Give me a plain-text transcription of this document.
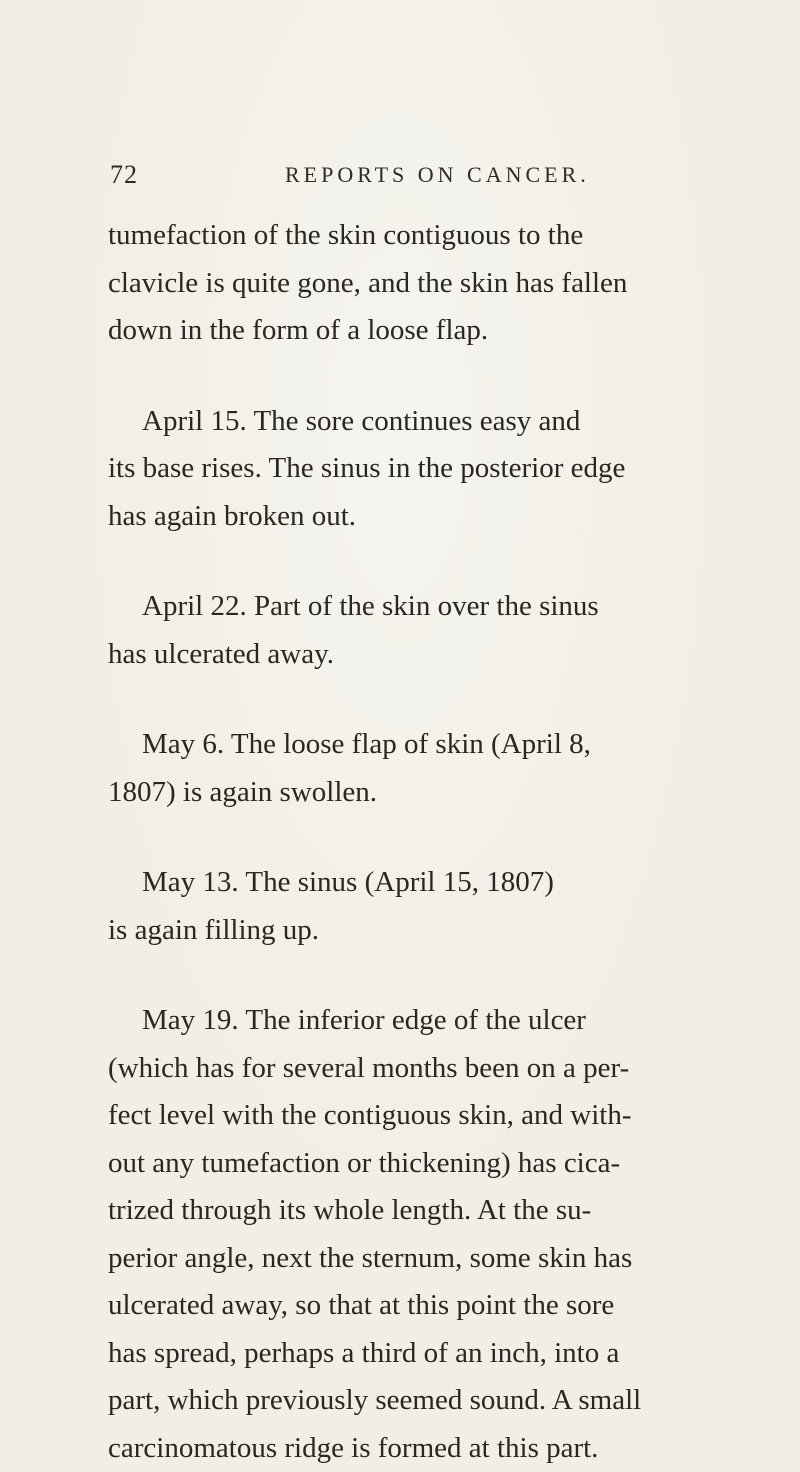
72	REPORTS ON CANCER.
tumefaction of the skin contiguous to the
clavicle is quite gone, and the skin has fallen
down in the form of a loose flap.
April 15. The sore continues easy and
its base rises. The sinus in the posterior edge
has again broken out.
April 22. Part of the skin over the sinus
has ulcerated away.
May 6. The loose flap of skin (April 8,
1807) is again swollen.
May 13. The sinus (April 15, 1807)
is again filling up.
May 19. The inferior edge of the ulcer
(which has for several months been on a per-
fect level with the contiguous skin, and with-
out any tumefaction or thickening) has cica-
trized through its whole length. At the su-
perior angle, next the sternum, some skin has
ulcerated away, so that at this point the sore
has spread, perhaps a third of an inch, into a
part, which previously seemed sound. A small
carcinomatous ridge is formed at this part.
